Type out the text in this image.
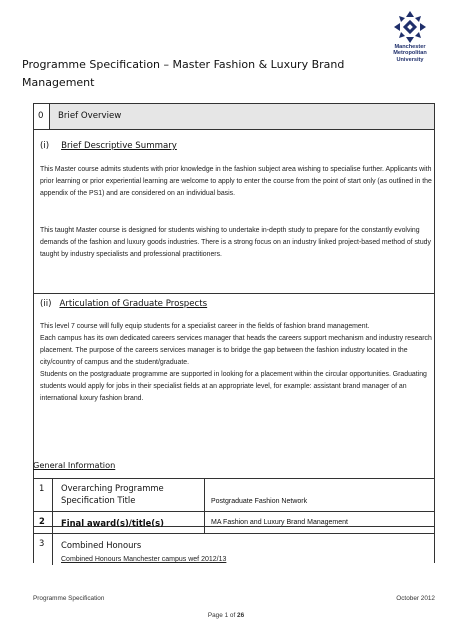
Manchester
Metropolitan
University
Programme Specification – Master Fashion & Luxury Brand Management
0 Brief Overview
(i) Brief Descriptive Summary
This Master course admits students with prior knowledge in the fashion subject area wishing to specialise further. Applicants with prior learning or prior experiential learning are welcome to apply to enter the course from the point of start only (as outlined in the appendix of the PS1) and are considered on an individual basis.
This taught Master course is designed for students wishing to undertake in-depth study to prepare for the constantly evolving demands of the fashion and luxury goods industries. There is a strong focus on an industry linked project-based method of study taught by industry specialists and professional practitioners.
(ii) Articulation of Graduate Prospects
This level 7 course will fully equip students for a specialist career in the fields of fashion brand management.
Each campus has its own dedicated careers services manager that heads the careers support mechanism and industry research placement. The purpose of the careers services manager is to bridge the gap between the fashion industry located in the city/country of campus and the student/graduate.
Students on the postgraduate programme are supported in looking for a placement within the circular opportunities. Graduating students would apply for jobs in their specialist fields at an appropriate level, for example: assistant brand manager of an international luxury fashion brand.
General Information
1	Overarching Programme Specification Title	Postgraduate Fashion Network
2	Final award(s)/title(s)	MA Fashion and Luxury Brand Management
3	Combined Honours
Combined Honours Manchester campus wef 2012/13
Programme Specification	October 2012
Page 1 of 26
